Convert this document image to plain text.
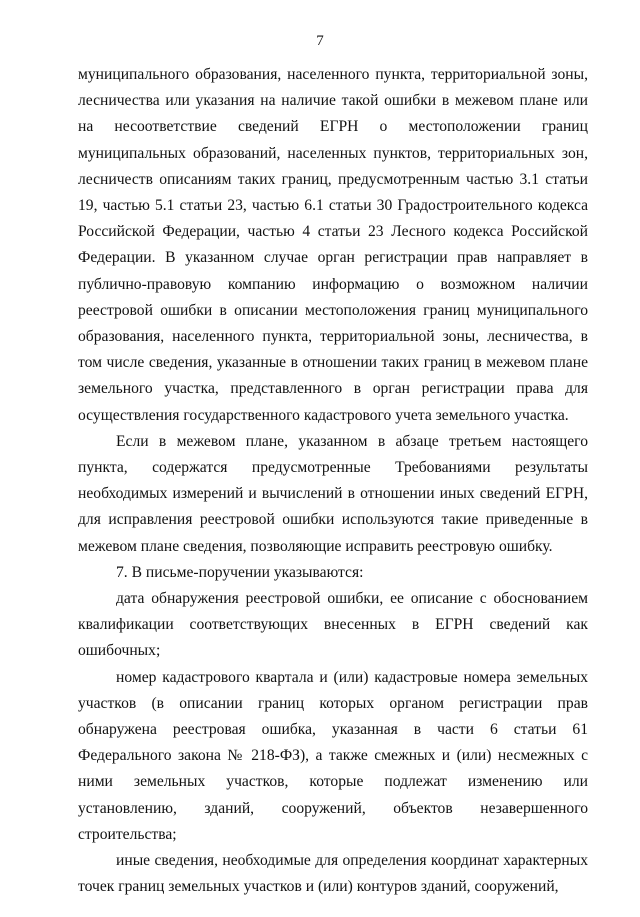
7

муниципального образования, населенного пункта, территориальной зоны, лесничества или указания на наличие такой ошибки в межевом плане или на несоответствие сведений ЕГРН о местоположении границ муниципальных образований, населенных пунктов, территориальных зон, лесничеств описаниям таких границ, предусмотренным частью 3.1 статьи 19, частью 5.1 статьи 23, частью 6.1 статьи 30 Градостроительного кодекса Российской Федерации, частью 4 статьи 23 Лесного кодекса Российской Федерации. В указанном случае орган регистрации прав направляет в публично-правовую компанию информацию о возможном наличии реестровой ошибки в описании местоположения границ муниципального образования, населенного пункта, территориальной зоны, лесничества, в том числе сведения, указанные в отношении таких границ в межевом плане земельного участка, представленного в орган регистрации права для осуществления государственного кадастрового учета земельного участка.

Если в межевом плане, указанном в абзаце третьем настоящего пункта, содержатся предусмотренные Требованиями результаты необходимых измерений и вычислений в отношении иных сведений ЕГРН, для исправления реестровой ошибки используются такие приведенные в межевом плане сведения, позволяющие исправить реестровую ошибку.

7. В письме-поручении указываются:

дата обнаружения реестровой ошибки, ее описание с обоснованием квалификации соответствующих внесенных в ЕГРН сведений как ошибочных;

номер кадастрового квартала и (или) кадастровые номера земельных участков (в описании границ которых органом регистрации прав обнаружена реестровая ошибка, указанная в части 6 статьи 61 Федерального закона № 218-ФЗ), а также смежных и (или) несмежных с ними земельных участков, которые подлежат изменению или установлению, зданий, сооружений, объектов незавершенного строительства;

иные сведения, необходимые для определения координат характерных точек границ земельных участков и (или) контуров зданий, сооружений,
